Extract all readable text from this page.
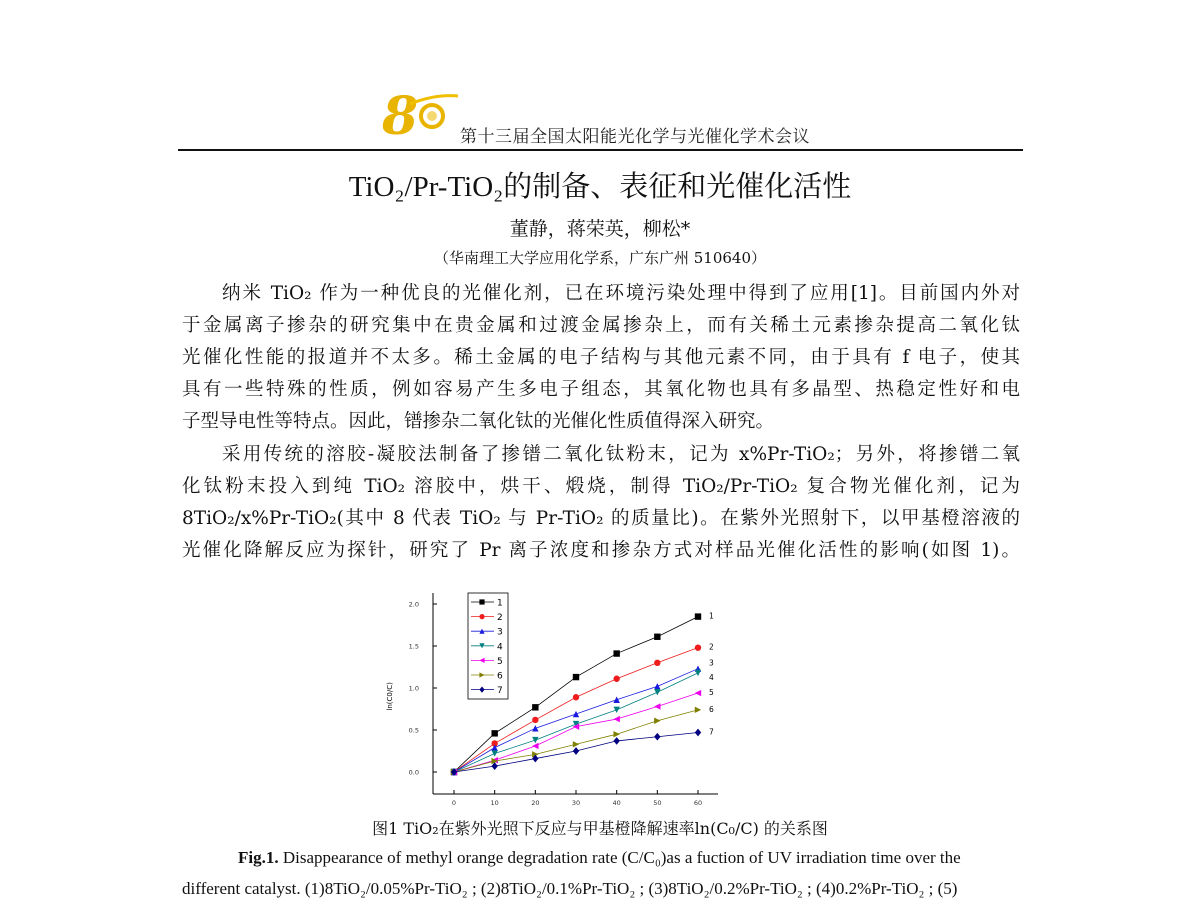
8 第十三届全国太阳能光化学与光催化学术会议
TiO₂/Pr-TiO₂的制备、表征和光催化活性
董静，蒋荣英，柳松*
（华南理工大学应用化学系，广东广州 510640）
纳米 TiO₂ 作为一种优良的光催化剂，已在环境污染处理中得到了应用[1]。目前国内外对
于金属离子掺杂的研究集中在贵金属和过渡金属掺杂上，而有关稀土元素掺杂提高二氧化钛
光催化性能的报道并不太多。稀土金属的电子结构与其他元素不同，由于具有 f 电子，使其
具有一些特殊的性质，例如容易产生多电子组态，其氧化物也具有多晶型、热稳定性好和电
子型导电性等特点。因此，镨掺杂二氧化钛的光催化性质值得深入研究。
采用传统的溶胶-凝胶法制备了掺镨二氧化钛粉末，记为 x%Pr-TiO₂；另外，将掺镨二氧
化钛粉末投入到纯 TiO₂ 溶胶中，烘干、煅烧，制得 TiO₂/Pr-TiO₂ 复合物光催化剂，记为
8TiO₂/x%Pr-TiO₂(其中 8 代表 TiO₂ 与 Pr-TiO₂ 的质量比)。在紫外光照射下，以甲基橙溶液的
光催化降解反应为探针，研究了 Pr 离子浓度和掺杂方式对样品光催化活性的影响(如图 1)。
0.0
0.5
1.0
1.5
2.0
0	10	20	30	40	50	60
ln(C0/C)
1
2
3
4
5
6
7
1
2
3
4
5
6
7
图1 TiO₂在紫外光照下反应与甲基橙降解速率ln(C₀/C) 的关系图
Fig.1. Disappearance of methyl orange degradation rate (C/C₀)as a fuction of UV irradiation time over the
different catalyst. (1)8TiO₂/0.05%Pr-TiO₂ ; (2)8TiO₂/0.1%Pr-TiO₂ ; (3)8TiO₂/0.2%Pr-TiO₂ ; (4)0.2%Pr-TiO₂ ; (5)
